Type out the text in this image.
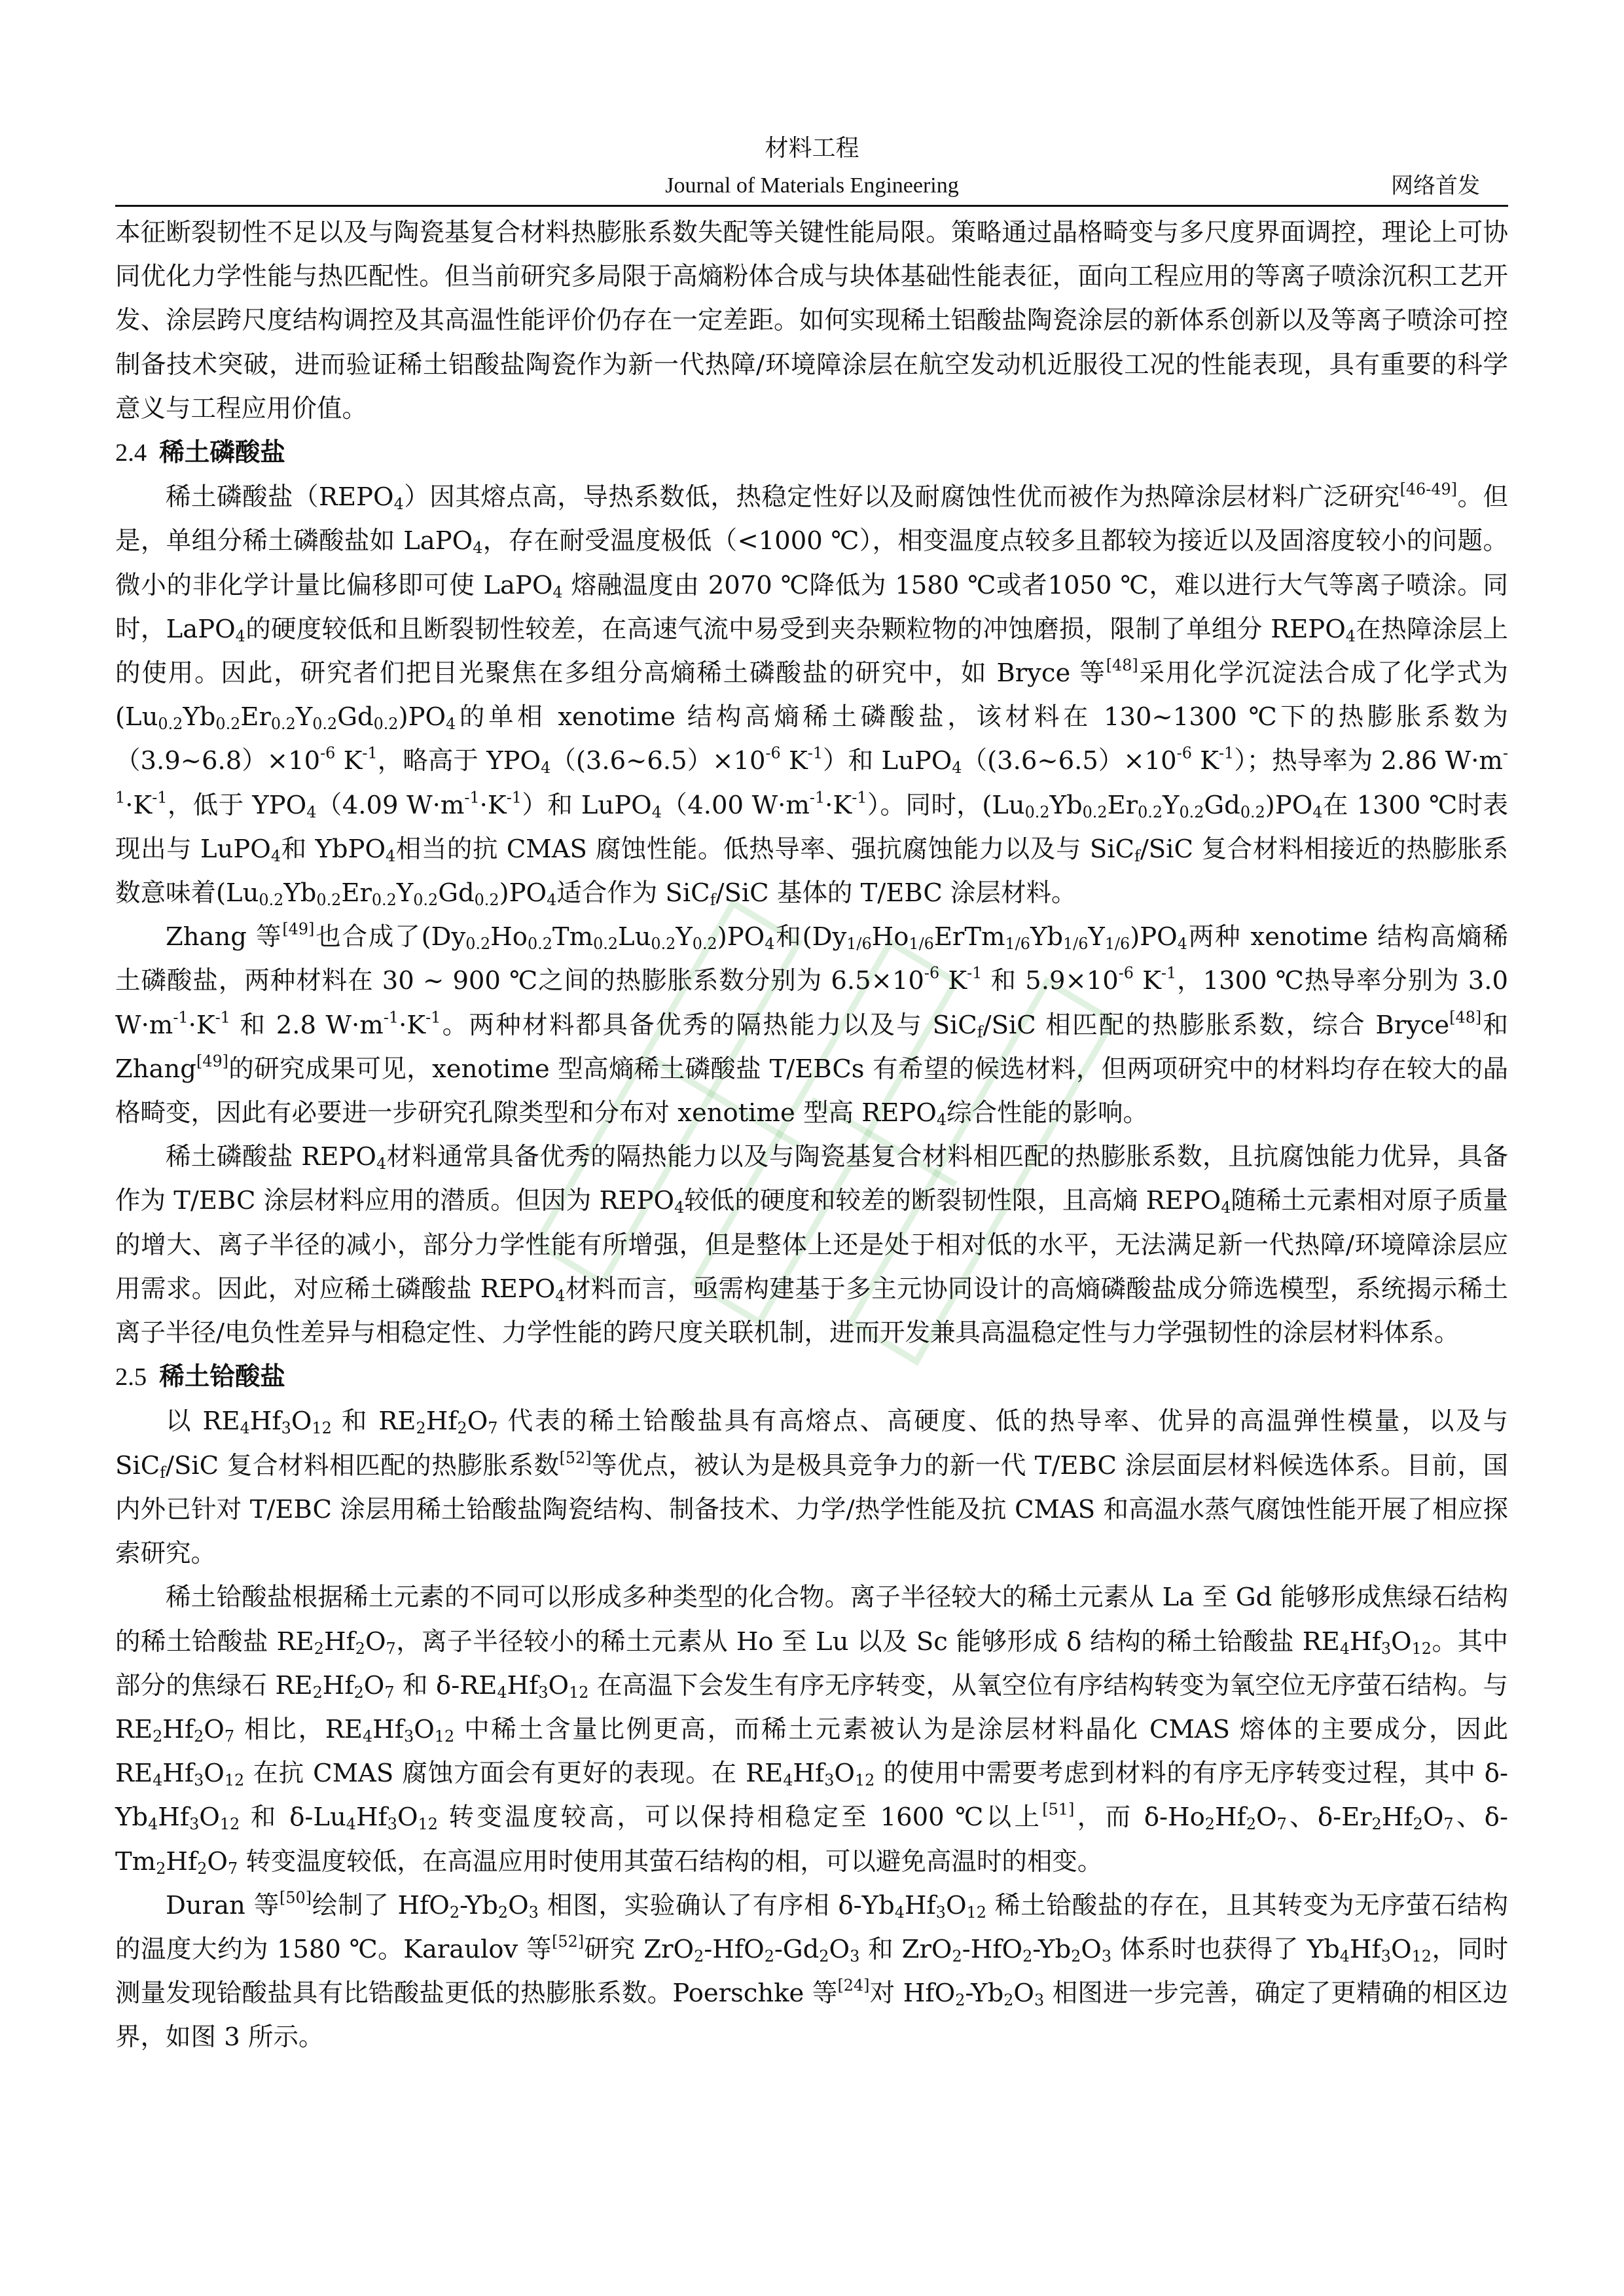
材料工程
Journal of Materials Engineering	网络首发

本征断裂韧性不足以及与陶瓷基复合材料热膨胀系数失配等关键性能局限。策略通过晶格畸变与多尺度界面调控，理论上可协同优化力学性能与热匹配性。但当前研究多局限于高熵粉体合成与块体基础性能表征，面向工程应用的等离子喷涂沉积工艺开发、涂层跨尺度结构调控及其高温性能评价仍存在一定差距。如何实现稀土铝酸盐陶瓷涂层的新体系创新以及等离子喷涂可控制备技术突破，进而验证稀土铝酸盐陶瓷作为新一代热障/环境障涂层在航空发动机近服役工况的性能表现，具有重要的科学意义与工程应用价值。

2.4 稀土磷酸盐

稀土磷酸盐$(REPO_4)$因其熔点高，导热系数低，热稳定性好以及耐腐蚀性优而被作为热障涂层材料广泛研究[46-49]。但是，单组分稀土磷酸盐如 LaPO$_4$，存在耐受温度极低（<1000 ℃），相变温度点较多且都较为接近以及固溶度较小的问题。微小的非化学计量比偏移即可使 LaPO$_4$ 熔融温度由 2070 ℃降低为 1580 ℃或者1050 ℃，难以进行大气等离子喷涂。同时，LaPO$_4$的硬度较低和且断裂韧性较差，在高速气流中易受到夹杂颗粒物的冲蚀磨损，限制了单组分 $REPO_4$在热障涂层上的使用。因此，研究者们把目光聚焦在多组分高熵稀土磷酸盐的研究中，如 Bryce 等[48]采用化学沉淀法合成了化学式为$(Lu_{0.2}Yb_{0.2}Er_{0.2}Y_{0.2}Gd_{0.2})PO_4$的单相 xenotime 结构高熵稀土磷酸盐，该材料在 130~1300 ℃下的热膨胀系数为$(3.9\sim 6.8)\times 10^{-6}$ $K^{-1}$，略高于 $YPO_4((3.6\sim 6.5)\times 10^{-6}$ $K^{-1}$）和 $LuPO_4((3.6\sim 6.5)\times 10^{-6}$ $K^{-1}$）；热导率为 2.86 $W\cdot m^{-1}\cdot K^{-1}$，低于 $YPO_4(4.09$ $W\cdot m^{-1}\cdot K^{-1}$）和 LuPO$_4$（4.00 $W\cdot m^{-1}\cdot K^{-1}$）。同时，$(Lu_{0.2}Yb_{0.2}Er_{0.2}Y_{0.2}Gd_{0.2})PO_4$在 1300 ℃时表现出与 LuPO$_4$和 YbPO$_4$相当的抗 CMAS 腐蚀性能。低热导率、强抗腐蚀能力以及与 SiC$_f$/SiC 复合材料相接近的热膨胀系数意味着$(Lu_{0.2}Yb_{0.2}Er_{0.2}Y_{0.2}Gd_{0.2})PO_4$适合作为 SiC$_f$/SiC 基体的 T/EBC 涂层材料。

Zhang 等[49]也合成了$(Dy_{0.2}Ho_{0.2}Tm_{0.2}Lu_{0.2}Y_{0.2})PO_4$和$(Dy_{1/6}Ho_{1/6}ErTm_{1/6}Yb_{1/6}Y_{1/6})PO_4$两种 xenotime 结构高熵稀土磷酸盐，两种材料在 30 ~ 900 ℃之间的热膨胀系数分别为 $6.5\times 10^{-6}$ $K^{-1}$ 和 $5.9\times 10^{-6}$ $K^{-1}$，1300 ℃热导率分别为 3.0 $W\cdot m^{-1}\cdot K^{-1}$ 和 2.8 $W\cdot m^{-1}\cdot K^{-1}$。两种材料都具备优秀的隔热能力以及与 SiC$_f$/SiC 相匹配的热膨胀系数，综合 Bryce[48]和 Zhang[49]的研究成果可见，xenotime 型高熵稀土磷酸盐 T/EBCs 有希望的候选材料，但两项研究中的材料均存在较大的晶格畸变，因此有必要进一步研究孔隙类型和分布对 xenotime 型高 $REPO_4$综合性能的影响。

稀土磷酸盐 $REPO_4$材料通常具备优秀的隔热能力以及与陶瓷基复合材料相匹配的热膨胀系数，且抗腐蚀能力优异，具备作为 T/EBC 涂层材料应用的潜质。但因为 $REPO_4$较低的硬度和较差的断裂韧性限，且高熵 $REPO_4$随稀土元素相对原子质量的增大、离子半径的减小，部分力学性能有所增强，但是整体上还是处于相对低的水平，无法满足新一代热障/环境障涂层应用需求。因此，对应稀土磷酸盐 $REPO_4$材料而言，亟需构建基于多主元协同设计的高熵磷酸盐成分筛选模型，系统揭示稀土离子半径/电负性差异与相稳定性、力学性能的跨尺度关联机制，进而开发兼具高温稳定性与力学强韧性的涂层材料体系。

2.5 稀土铪酸盐

以 $RE_4Hf_3O_{12}$ 和 $RE_2Hf_2O_7$ 代表的稀土铪酸盐具有高熔点、高硬度、低的热导率、优异的高温弹性模量，以及与 SiC$_f$/SiC 复合材料相匹配的热膨胀系数[52]等优点，被认为是极具竞争力的新一代 T/EBC 涂层面层材料候选体系。目前，国内外已针对 T/EBC 涂层用稀土铪酸盐陶瓷结构、制备技术、力学/热学性能及抗 CMAS 和高温水蒸气腐蚀性能开展了相应探索研究。

稀土铪酸盐根据稀土元素的不同可以形成多种类型的化合物。离子半径较大的稀土元素从 La 至 Gd 能够形成焦绿石结构的稀土铪酸盐 $RE_2Hf_2O_7$，离子半径较小的稀土元素从 Ho 至 Lu 以及 Sc 能够形成 δ 结构的稀土铪酸盐 $RE_4Hf_3O_{12}$。其中部分的焦绿石 $RE_2Hf_2O_7$ 和 $\delta-RE_4Hf_3O_{12}$ 在高温下会发生有序无序转变，从氧空位有序结构转变为氧空位无序萤石结构。与 $RE_2Hf_2O_7$ 相比，$RE_4Hf_3O_{12}$ 中稀土含量比例更高，而稀土元素被认为是涂层材料晶化 CMAS 熔体的主要成分，因此 $RE_4Hf_3O_{12}$ 在抗 CMAS 腐蚀方面会有更好的表现。在 $RE_4Hf_3O_{12}$ 的使用中需要考虑到材料的有序无序转变过程，其中 $\delta-Yb_4Hf_3O_{12}$ 和 $\delta-Lu_4Hf_3O_{12}$ 转变温度较高，可以保持相稳定至 1600 ℃以上[51]，而 $\delta-Ho_2Hf_2O_7$、$\delta-Er_2Hf_2O_7$、$\delta-Tm_2Hf_2O_7$ 转变温度较低，在高温应用时使用其萤石结构的相，可以避免高温时的相变。

Duran 等[50]绘制了 $HfO_2-Yb_2O_3$ 相图，实验确认了有序相 $\delta-Yb_4Hf_3O_{12}$ 稀土铪酸盐的存在，且其转变为无序萤石结构的温度大约为 1580 ℃。Karaulov 等[52]研究 $ZrO_2-HfO_2-Gd_2O_3$ 和 $ZrO_2-HfO_2-Yb_2O_3$ 体系时也获得了 $Yb_4Hf_3O_{12}$，同时测量发现铪酸盐具有比锆酸盐更低的热膨胀系数。Poerschke 等[24]对 $HfO_2-Yb_2O_3$ 相图进一步完善，确定了更精确的相区边界，如图 3 所示。
